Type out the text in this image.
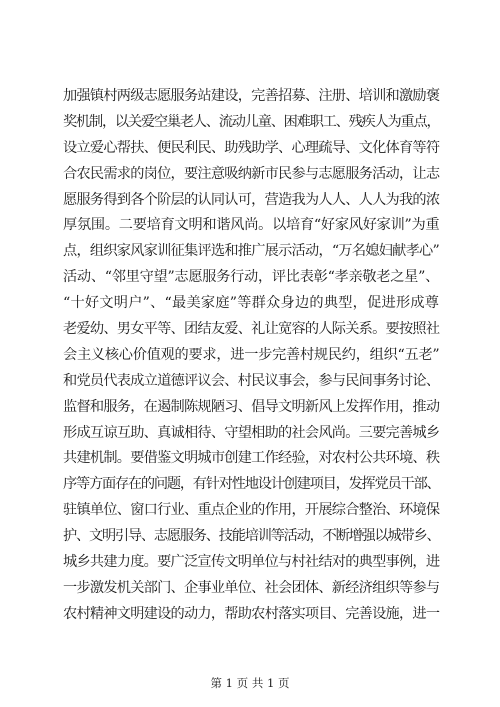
加强镇村两级志愿服务站建设，完善招募、注册、培训和激励褒
奖机制，以关爱空巢老人、流动儿童、困难职工、残疾人为重点，
设立爱心帮扶、便民利民、助残助学、心理疏导、文化体育等符
合农民需求的岗位，要注意吸纳新市民参与志愿服务活动，让志
愿服务得到各个阶层的认同认可，营造我为人人、人人为我的浓
厚氛围。二要培育文明和谐风尚。以培育“好家风好家训”为重
点，组织家风家训征集评选和推广展示活动，“万名媳妇献孝心”
活动、“邻里守望”志愿服务行动，评比表彰“孝亲敬老之星”、
“十好文明户”、“最美家庭”等群众身边的典型，促进形成尊
老爱幼、男女平等、团结友爱、礼让宽容的人际关系。要按照社
会主义核心价值观的要求，进一步完善村规民约，组织“五老”
和党员代表成立道德评议会、村民议事会，参与民间事务讨论、
监督和服务，在遏制陈规陋习、倡导文明新风上发挥作用，推动
形成互谅互助、真诚相待、守望相助的社会风尚。三要完善城乡
共建机制。要借鉴文明城市创建工作经验，对农村公共环境、秩
序等方面存在的问题，有针对性地设计创建项目，发挥党员干部、
驻镇单位、窗口行业、重点企业的作用，开展综合整治、环境保
护、文明引导、志愿服务、技能培训等活动，不断增强以城带乡、
城乡共建力度。要广泛宣传文明单位与村社结对的典型事例，进
一步激发机关部门、企事业单位、社会团体、新经济组织等参与
农村精神文明建设的动力，帮助农村落实项目、完善设施，进一
第 1 页 共 1 页
